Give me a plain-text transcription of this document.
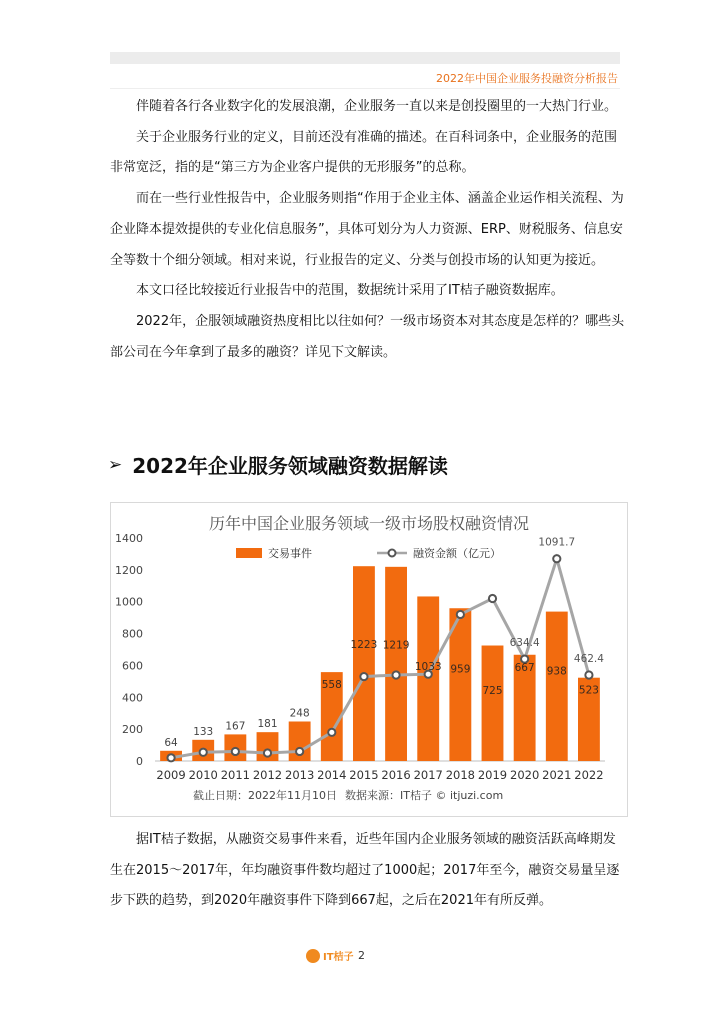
2022年中国企业服务投融资分析报告

伴随着各行各业数字化的发展浪潮，企业服务一直以来是创投圈里的一大热门行业。

关于企业服务行业的定义，目前还没有准确的描述。在百科词条中，企业服务的范围非常宽泛，指的是“第三方为企业客户提供的无形服务”的总称。

而在一些行业性报告中，企业服务则指“作用于企业主体、涵盖企业运作相关流程、为企业降本提效提供的专业化信息服务”，具体可划分为人力资源、ERP、财税服务、信息安全等数十个细分领域。相对来说，行业报告的定义、分类与创投市场的认知更为接近。

本文口径比较接近行业报告中的范围，数据统计采用了IT桔子融资数据库。

2022年，企服领域融资热度相比以往如何？一级市场资本对其态度是怎样的？哪些头部公司在今年拿到了最多的融资？详见下文解读。

➢ 2022年企业服务领域融资数据解读
历年中国企业服务领域一级市场股权融资情况
交易事件	融资金额（亿元）
0
200
400
600
800
1000
1200
1400
2009 2010 2011 2012 2013 2014 2015 2016 2017 2018 2019 2020 2021 2022
64
133 167 181
248
558
1223 1219
1033 959
725
667 938
523
634.4
1091.7
462.4
截止日期：2022年11月10日 数据来源：IT桔子 © itjuzi.com

据IT桔子数据，从融资交易事件来看，近些年国内企业服务领域的融资活跃高峰期发生在2015～2017年，年均融资事件数均超过了1000起；2017年至今，融资交易量呈逐步下跌的趋势，到2020年融资事件下降到667起，之后在2021年有所反弹。

IT桔子 2
